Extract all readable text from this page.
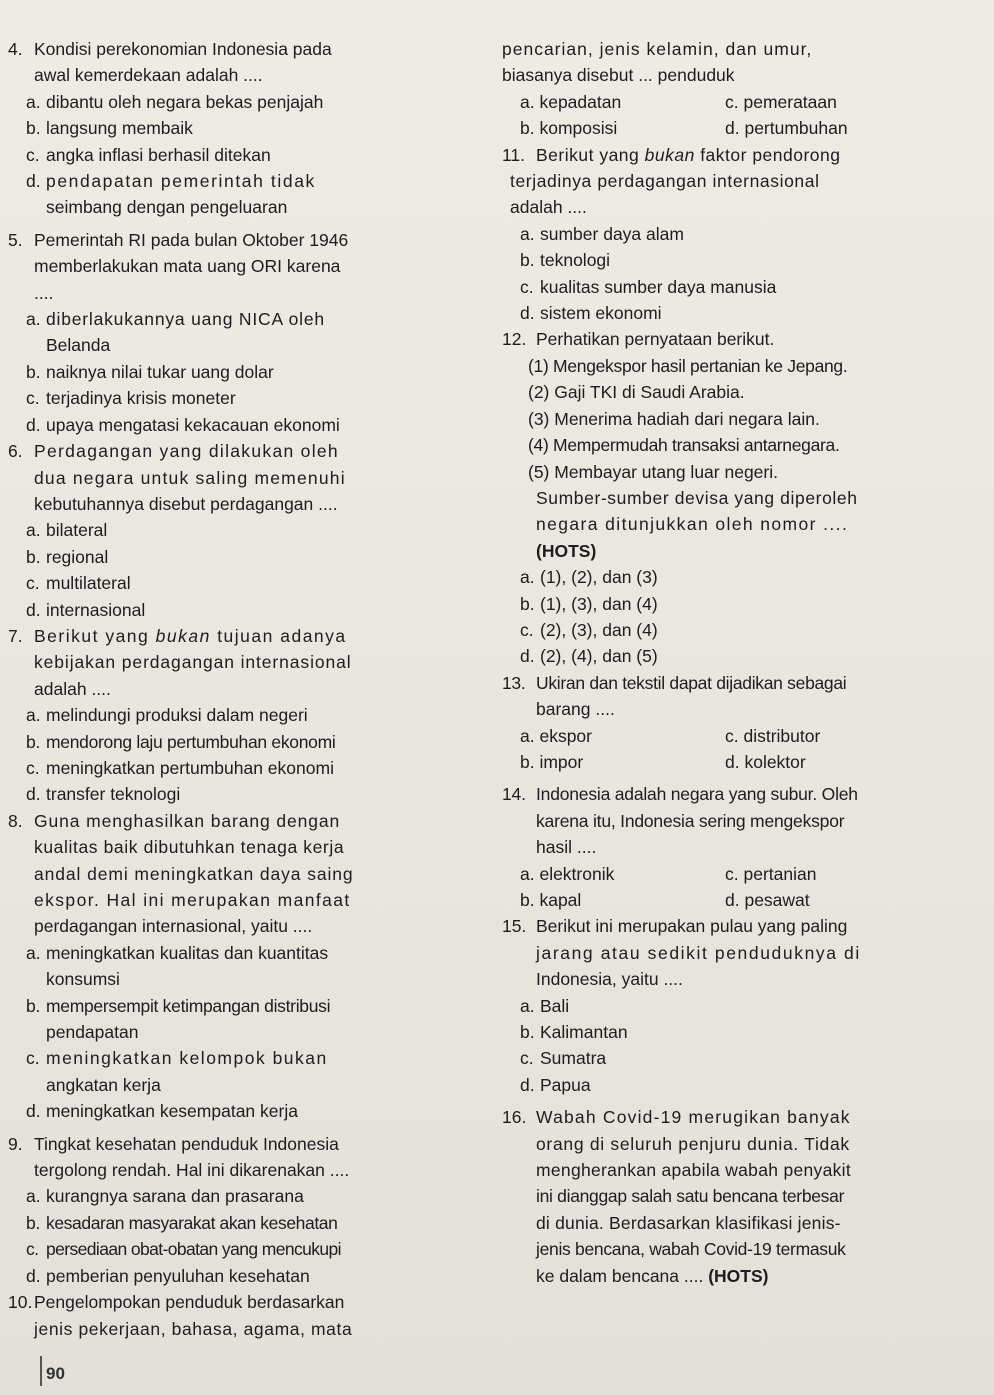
4. Kondisi perekonomian Indonesia pada
awal kemerdekaan adalah ....
a. dibantu oleh negara bekas penjajah
b. langsung membaik
c. angka inflasi berhasil ditekan
d. pendapatan pemerintah tidak
seimbang dengan pengeluaran
5. Pemerintah RI pada bulan Oktober 1946
memberlakukan mata uang ORI karena
....
a. diberlakukannya uang NICA oleh
Belanda
b. naiknya nilai tukar uang dolar
c. terjadinya krisis moneter
d. upaya mengatasi kekacauan ekonomi
6. Perdagangan yang dilakukan oleh
dua negara untuk saling memenuhi
kebutuhannya disebut perdagangan ....
a. bilateral
b. regional
c. multilateral
d. internasional
7. Berikut yang bukan tujuan adanya
kebijakan perdagangan internasional
adalah ....
a. melindungi produksi dalam negeri
b. mendorong laju pertumbuhan ekonomi
c. meningkatkan pertumbuhan ekonomi
d. transfer teknologi
8. Guna menghasilkan barang dengan
kualitas baik dibutuhkan tenaga kerja
andal demi meningkatkan daya saing
ekspor. Hal ini merupakan manfaat
perdagangan internasional, yaitu ....
a. meningkatkan kualitas dan kuantitas
konsumsi
b. mempersempit ketimpangan distribusi
pendapatan
c. meningkatkan kelompok bukan
angkatan kerja
d. meningkatkan kesempatan kerja
9. Tingkat kesehatan penduduk Indonesia
tergolong rendah. Hal ini dikarenakan ....
a. kurangnya sarana dan prasarana
b. kesadaran masyarakat akan kesehatan
c. persediaan obat-obatan yang mencukupi
d. pemberian penyuluhan kesehatan
10.Pengelompokan penduduk berdasarkan
jenis pekerjaan, bahasa, agama, mata
pencarian, jenis kelamin, dan umur,
biasanya disebut ... penduduk
a. kepadatan	c. pemerataan
b. komposisi	d. pertumbuhan
11. Berikut yang bukan faktor pendorong
terjadinya perdagangan internasional
adalah ....
a. sumber daya alam
b. teknologi
c. kualitas sumber daya manusia
d. sistem ekonomi
12. Perhatikan pernyataan berikut.
(1) Mengekspor hasil pertanian ke Jepang.
(2) Gaji TKI di Saudi Arabia.
(3) Menerima hadiah dari negara lain.
(4) Mempermudah transaksi antarnegara.
(5) Membayar utang luar negeri.
Sumber-sumber devisa yang diperoleh
negara ditunjukkan oleh nomor ....
(HOTS)
a. (1), (2), dan (3)
b. (1), (3), dan (4)
c. (2), (3), dan (4)
d. (2), (4), dan (5)
13. Ukiran dan tekstil dapat dijadikan sebagai
barang ....
a. ekspor	c. distributor
b. impor	d. kolektor
14. Indonesia adalah negara yang subur. Oleh
karena itu, Indonesia sering mengekspor
hasil ....
a. elektronik	c. pertanian
b. kapal	d. pesawat
15. Berikut ini merupakan pulau yang paling
jarang atau sedikit penduduknya di
Indonesia, yaitu ....
a. Bali
b. Kalimantan
c. Sumatra
d. Papua
16. Wabah Covid-19 merugikan banyak
orang di seluruh penjuru dunia. Tidak
mengherankan apabila wabah penyakit
ini dianggap salah satu bencana terbesar
di dunia. Berdasarkan klasifikasi jenis-
jenis bencana, wabah Covid-19 termasuk
ke dalam bencana .... (HOTS)
90
